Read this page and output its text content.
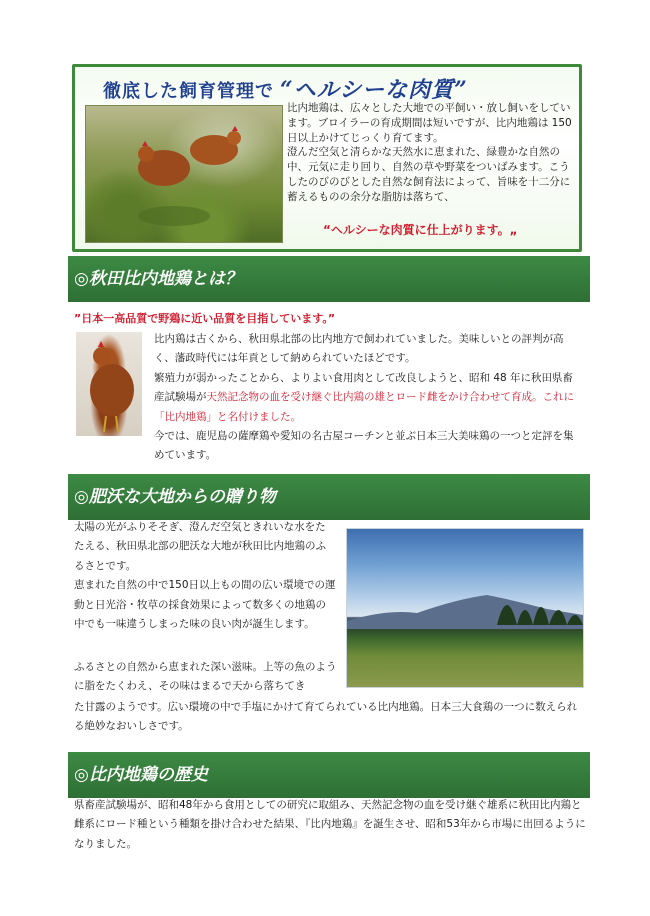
徹底した飼育管理で “ヘルシーな肉質”

比内地鶏は、広々とした大地での平飼い・放し飼いをしています。ブロイラーの育成期間は短いですが、比内地鶏は 150 日以上かけてじっくり育てます。

澄んだ空気と清らかな天然水に恵まれた、緑豊かな自然の中、元気に走り回り、自然の草や野菜をついばみます。こうしたのびのびとした自然な飼育法によって、旨味を十二分に蓄えるものの余分な脂肪は落ちて、

“ヘルシーな肉質に仕上がります。„
◎秋田比内地鶏とは？
”日本一高品質で野鶏に近い品質を目指しています。”

比内鶏は古くから、秋田県北部の比内地方で飼われていました。美味しいとの評判が高く、藩政時代には年貢として納められていたほどです。

繁殖力が弱かったことから、よりよい食用肉として改良しようと、昭和 48 年に秋田県畜産試験場が天然記念物の血を受け継ぐ比内鶏の雄とロード雌をかけ合わせて育成。これに「比内地鶏」と名付けました。

今では、鹿児島の薩摩鶏や愛知の名古屋コーチンと並ぶ日本三大美味鶏の一つと定評を集めています。

◎肥沃な大地からの贈り物

太陽の光がふりそそぎ、澄んだ空気ときれいな水をたたえる、秋田県北部の肥沃な大地が秋田比内地鶏のふるさとです。

恵まれた自然の中で150日以上もの間の広い環境での運動と日光浴・牧草の採食効果によって数多くの地鶏の中でも一味違うしまった味の良い肉が誕生します。

ふるさとの自然から恵まれた深い滋味。上等の魚のように脂をたくわえ、その味はまるで天から落ちてき

た甘露のようです。広い環境の中で手塩にかけて育てられている比内地鶏。日本三大食鶏の一つに数えられる絶妙なおいしさです。

◎比内地鶏の歴史

県畜産試験場が、昭和48年から食用としての研究に取組み、天然記念物の血を受け継ぐ雄系に秋田比内鶏と雌系にロード種という種類を掛け合わせた結果、『比内地鶏』を誕生させ、昭和53年から市場に出回るようになりました。
